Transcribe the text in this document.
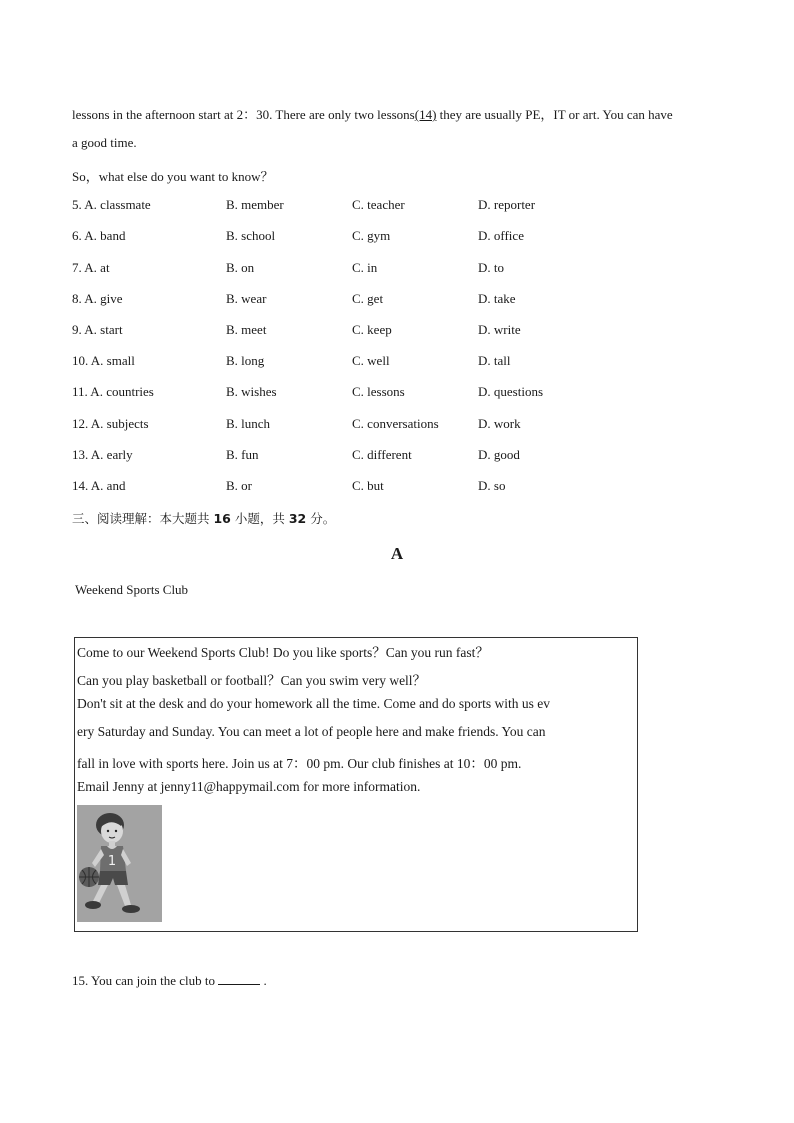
lessons in the afternoon start at 2：30. There are only two lessons(14) they are usually PE，IT or art. You can have
a good time.
So，what else do you want to know？
5. A. classmate	B. member	C. teacher	D. reporter
6. A. band	B. school	C. gym	D. office
7. A. at	B. on	C. in	D. to
8. A. give	B. wear	C. get	D. take
9. A. start	B. meet	C. keep	D. write
10. A. small	B. long	C. well	D. tall
11. A. countries	B. wishes	C. lessons	D. questions
12. A. subjects	B. lunch	C. conversations	D. work
13. A. early	B. fun	C. different	D. good
14. A. and	B. or	C. but	D. so
三、阅读理解：本大题共 16 小题，共 32 分。
A
Weekend Sports Club
Come to our Weekend Sports Club! Do you like sports？Can you run fast？
Can you play basketball or football？Can you swim very well？
Don't sit at the desk and do your homework all the time. Come and do sports with us ev
ery Saturday and Sunday. You can meet a lot of people here and make friends. You can
fall in love with sports here. Join us at 7：00 pm. Our club finishes at 10：00 pm.
Email Jenny at jenny11@happymail.com for more information.
1
15. You can join the club to	.
